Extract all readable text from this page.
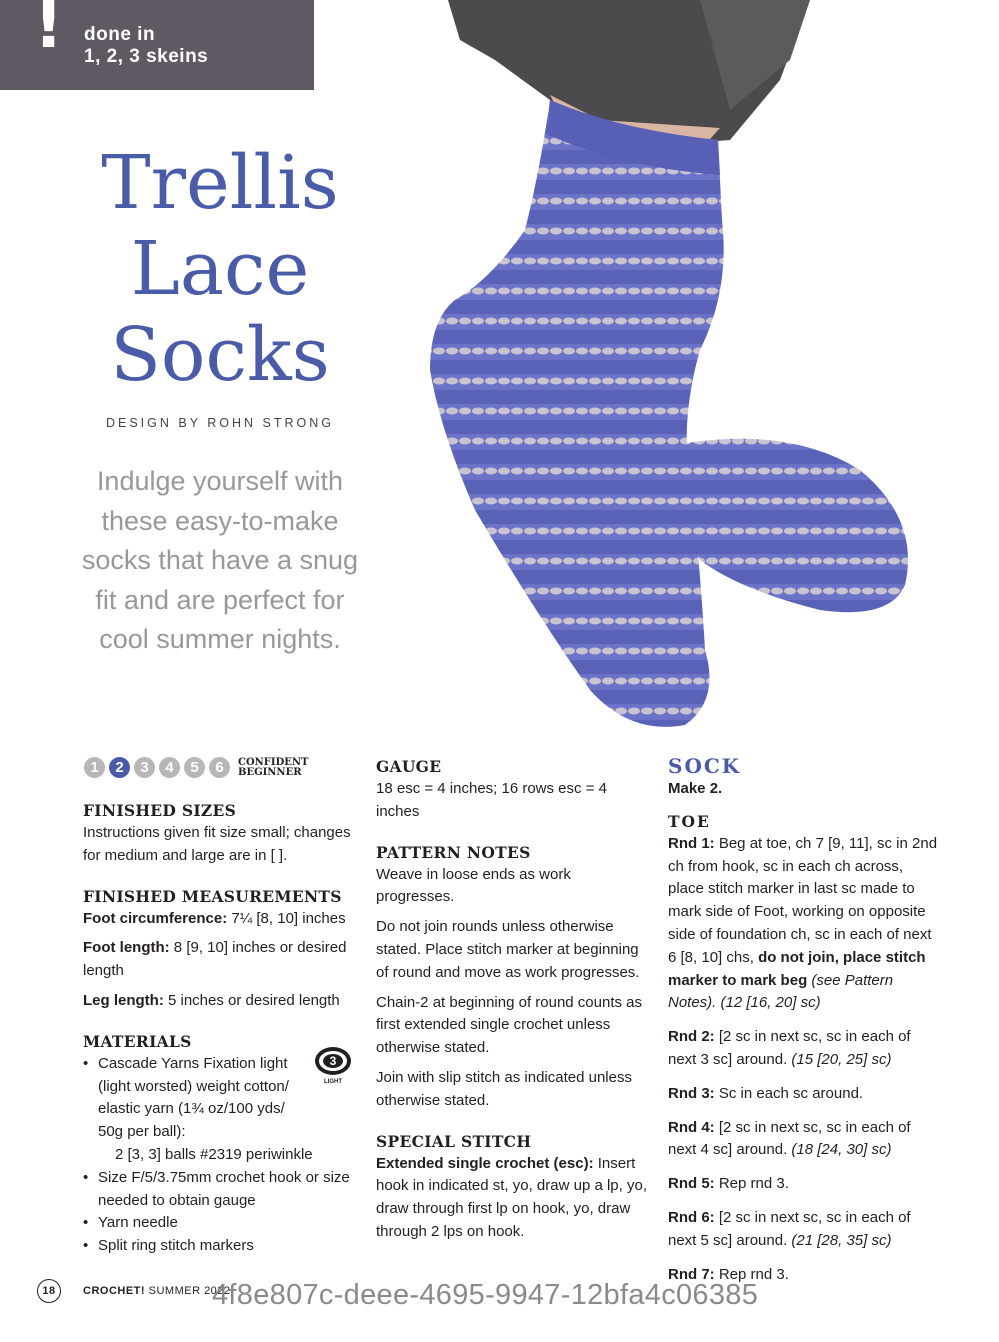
! done in
1, 2, 3 skeins
Trellis
Lace
Socks
DESIGN BY ROHN STRONG
Indulge yourself with these easy-to-make socks that have a snug fit and are perfect for cool summer nights.
1	2	3	4	5	6	CONFIDENT
BEGINNER
FINISHED SIZES

Instructions given fit size small; changes for medium and large are in [ ].

FINISHED MEASUREMENTS

Foot circumference: 7¼ [8, 10] inches

Foot length: 8 [9, 10] inches or desired length

Leg length: 5 inches or desired length

MATERIALS
• Cascade Yarns Fixation light (light worsted) weight cotton/ elastic yarn (1¾ oz/100 yds/ 50g per ball):
2 [3, 3] balls #2319 periwinkle
• Size F/5/3.75mm crochet hook or size needed to obtain gauge
• Yarn needle
• Split ring stitch markers
3
LIGHT
GAUGE

18 esc = 4 inches; 16 rows esc = 4 inches

PATTERN NOTES

Weave in loose ends as work progresses.

Do not join rounds unless otherwise stated. Place stitch marker at beginning of round and move as work progresses.

Chain-2 at beginning of round counts as first extended single crochet unless otherwise stated.

Join with slip stitch as indicated unless otherwise stated.

SPECIAL STITCH

Extended single crochet (esc): Insert hook in indicated st, yo, draw up a lp, yo, draw through first lp on hook, yo, draw through 2 lps on hook.

SOCK

Make 2.

TOE

Rnd 1: Beg at toe, ch 7 [9, 11], sc in 2nd ch from hook, sc in each ch across, place stitch marker in last sc made to mark side of Foot, working on opposite side of foundation ch, sc in each of next 6 [8, 10] chs, do not join, place stitch marker to mark beg (see Pattern Notes). (12 [16, 20] sc)

Rnd 2: [2 sc in next sc, sc in each of next 3 sc] around. (15 [20, 25] sc)

Rnd 3: Sc in each sc around.

Rnd 4: [2 sc in next sc, sc in each of next 4 sc] around. (18 [24, 30] sc)

Rnd 5: Rep rnd 3.

Rnd 6: [2 sc in next sc, sc in each of next 5 sc] around. (21 [28, 35] sc)

Rnd 7: Rep rnd 3.

18	CROCHET! SUMMER 2022
4f8e807c-deee-4695-9947-12bfa4c06385
